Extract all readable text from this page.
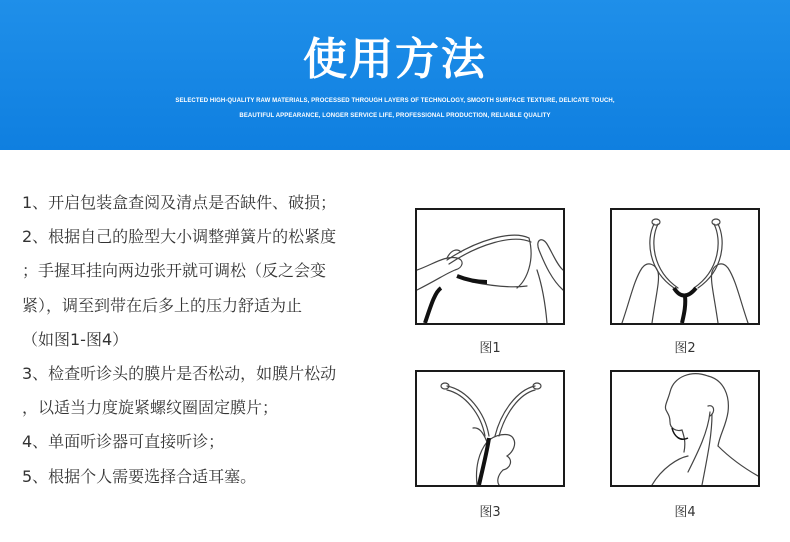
使用方法
SELECTED HIGH-QUALITY RAW MATERIALS, PROCESSED THROUGH LAYERS OF TECHNOLOGY, SMOOTH SURFACE TEXTURE, DELICATE TOUCH,
BEAUTIFUL APPEARANCE, LONGER SERVICE LIFE, PROFESSIONAL PRODUCTION, RELIABLE QUALITY
1、开启包装盒查阅及清点是否缺件、破损；
2、根据自己的脸型大小调整弹簧片的松紧度
；手握耳挂向两边张开就可调松（反之会变
紧），调至到带在后多上的压力舒适为止
（如图1-图4）
3、检查听诊头的膜片是否松动，如膜片松动
，以适当力度旋紧螺纹圈固定膜片；
4、单面听诊器可直接听诊；
5、根据个人需要选择合适耳塞。
图1	图2
图3	图4
